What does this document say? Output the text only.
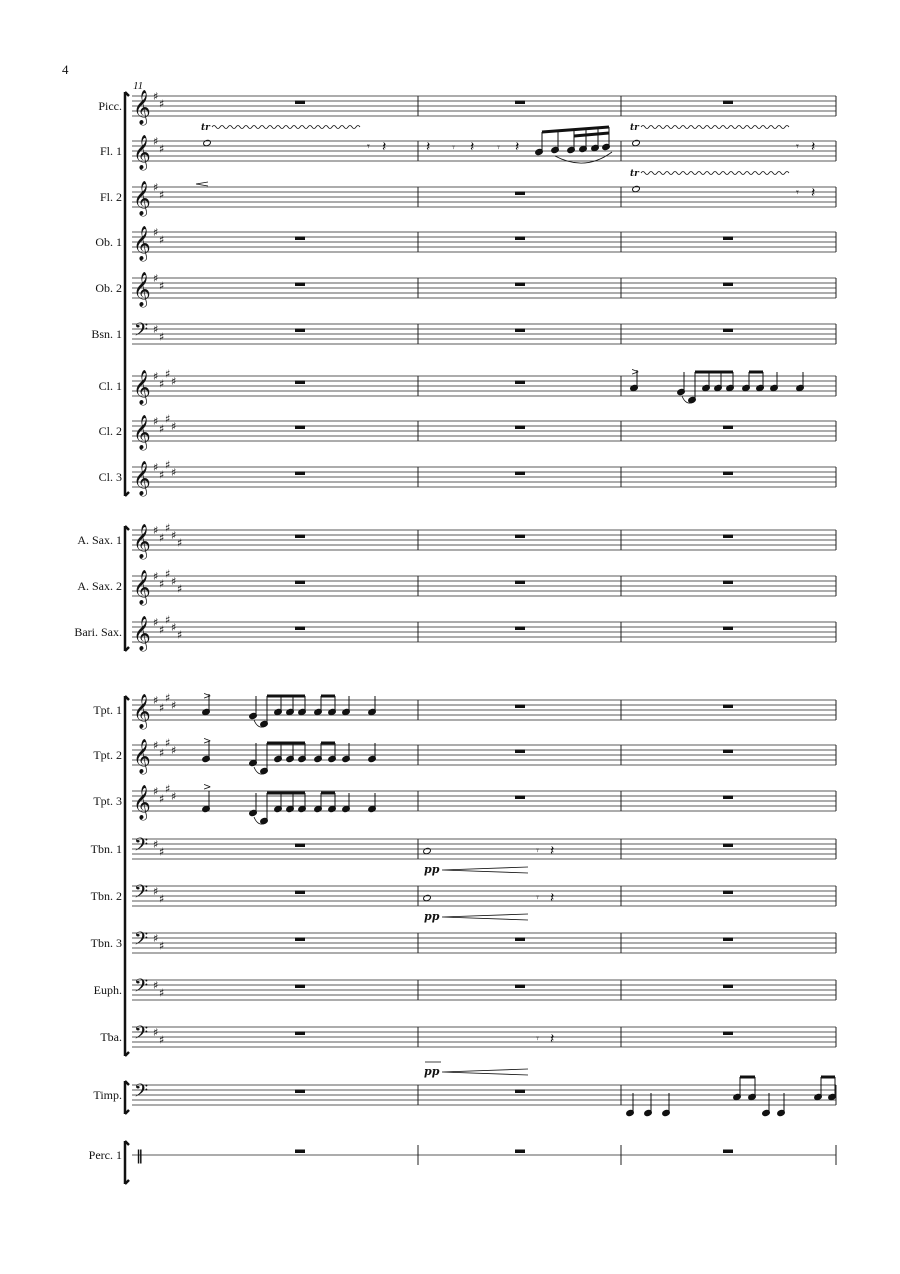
4
11
Picc.
Fl. 1
Fl. 2
Ob. 1
Ob. 2
Bsn. 1
Cl. 1
Cl. 2
Cl. 3
A. Sax. 1
A. Sax. 2
Bari. Sax.
Tpt. 1
Tpt. 2
Tpt. 3
Tbn. 1
Tbn. 2
Tbn. 3
Euph.
Tba.
Timp.
Perc. 1
𝄞 ♯
♯
𝄞 ♯
♯
𝄞 ♯
♯
𝄞 ♯
♯
𝄞 ♯
♯
𝄢 ♯
♯
𝄞 ♯
♯
♯
♯
𝄞 ♯
♯
♯
♯
𝄞 ♯
♯
♯
♯
𝄞 ♯
♯
♯
♯
♯
𝄞 ♯
♯
♯
♯
♯
𝄞 ♯
♯
♯
♯
♯
𝄞 ♯
♯
♯
♯
𝄞 ♯
♯
♯
♯
𝄞 ♯
♯
♯
♯
𝄢 ♯
♯
𝄢 ♯
♯
𝄢 ♯
♯
𝄢 ♯
♯
𝄢 ♯
♯
𝄢
‖
tr
𝄾 𝄽
tr
𝄾 𝄽
tr
𝄾 𝄽
𝄽 𝄾 𝄽 𝄾 𝄽
>
>
>
>
𝄾 𝄽
pp
𝄾 𝄽
pp
𝄾 𝄽
pp
